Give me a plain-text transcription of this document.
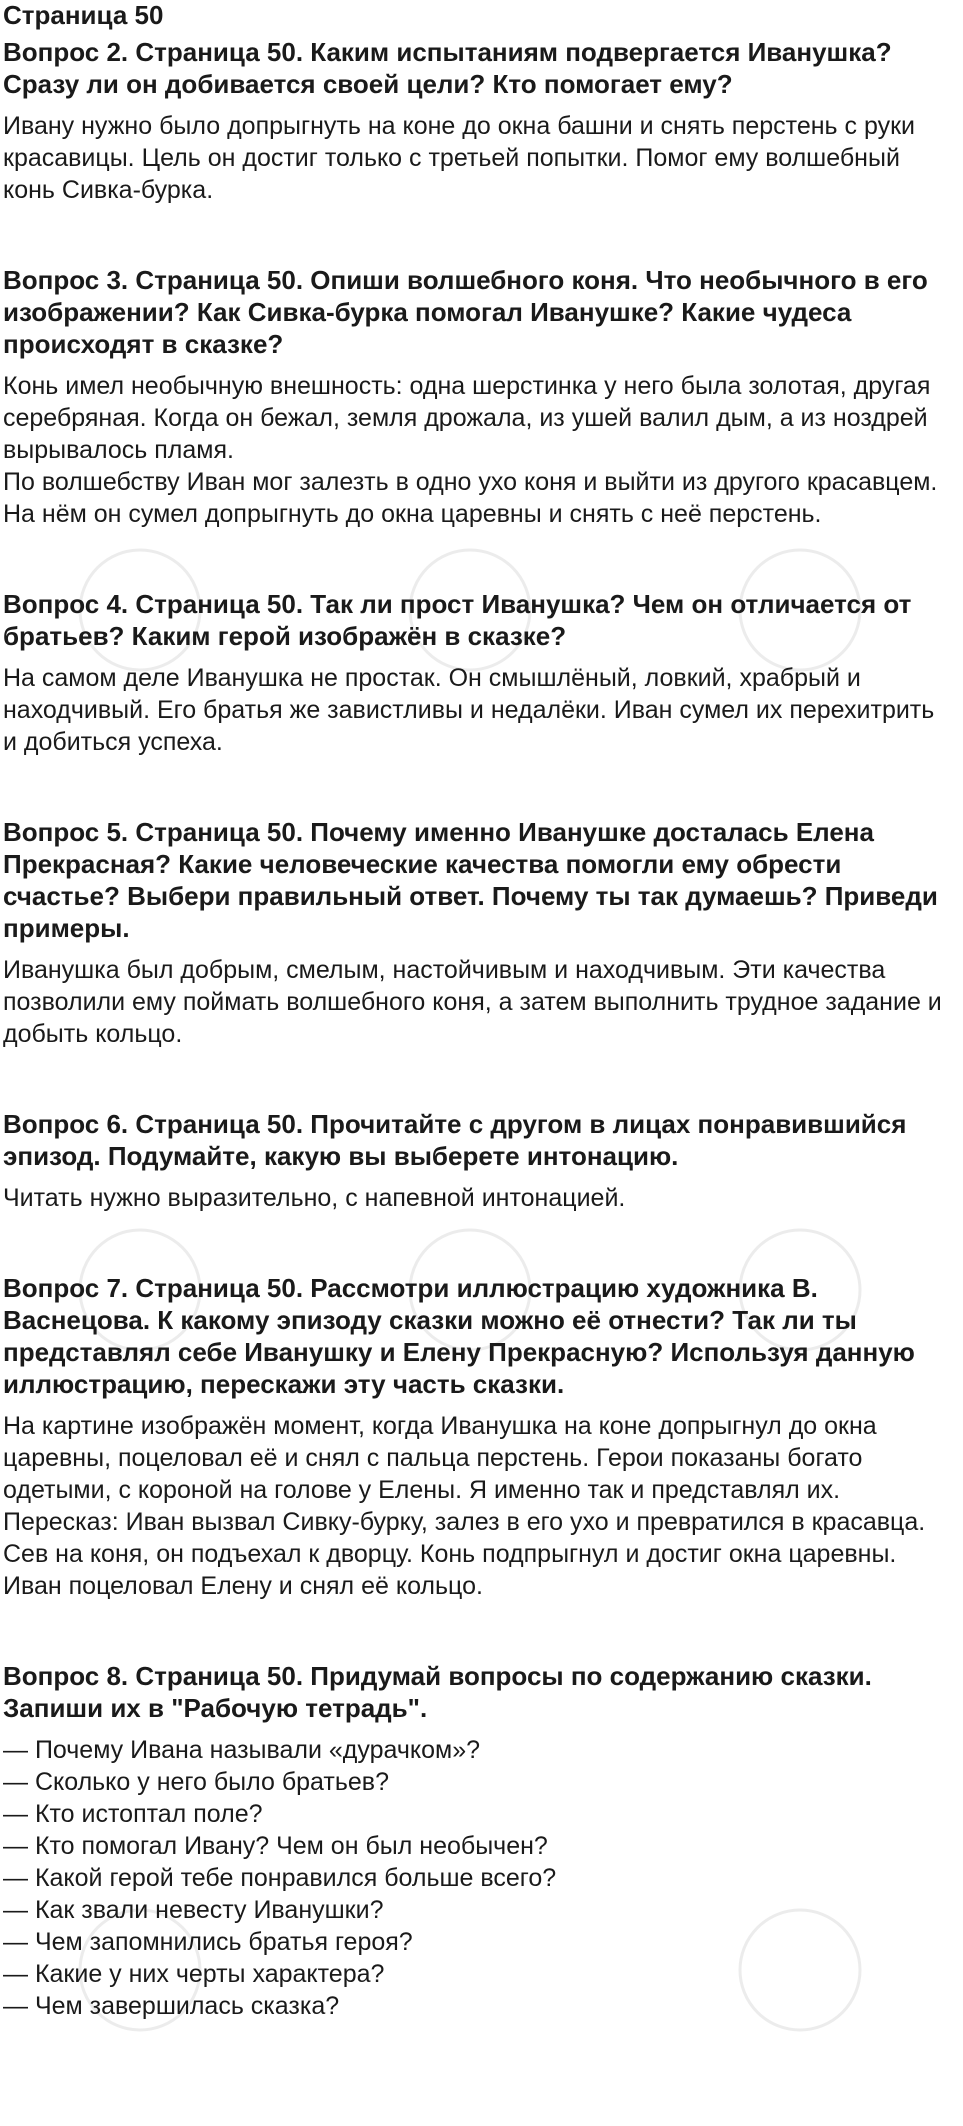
Страница 50
Вопрос 2. Страница 50. Каким испытаниям подвергается Иванушка? Сразу ли он добивается своей цели? Кто помогает ему?

Ивану нужно было допрыгнуть на коне до окна башни и снять перстень с руки красавицы. Цель он достиг только с третьей попытки. Помог ему волшебный конь Сивка-бурка.

Вопрос 3. Страница 50. Опиши волшебного коня. Что необычного в его изображении? Как Сивка-бурка помогал Иванушке? Какие чудеса происходят в сказке?

Конь имел необычную внешность: одна шерстинка у него была золотая, другая серебряная. Когда он бежал, земля дрожала, из ушей валил дым, а из ноздрей вырывалось пламя.

По волшебству Иван мог залезть в одно ухо коня и выйти из другого красавцем. На нём он сумел допрыгнуть до окна царевны и снять с неё перстень.

Вопрос 4. Страница 50. Так ли прост Иванушка? Чем он отличается от братьев? Каким герой изображён в сказке?

На самом деле Иванушка не простак. Он смышлёный, ловкий, храбрый и находчивый. Его братья же завистливы и недалёки. Иван сумел их перехитрить и добиться успеха.

Вопрос 5. Страница 50. Почему именно Иванушке досталась Елена Прекрасная? Какие человеческие качества помогли ему обрести счастье? Выбери правильный ответ. Почему ты так думаешь? Приведи примеры.

Иванушка был добрым, смелым, настойчивым и находчивым. Эти качества позволили ему поймать волшебного коня, а затем выполнить трудное задание и добыть кольцо.

Вопрос 6. Страница 50. Прочитайте с другом в лицах понравившийся эпизод. Подумайте, какую вы выберете интонацию.

Читать нужно выразительно, с напевной интонацией.

Вопрос 7. Страница 50. Рассмотри иллюстрацию художника В. Васнецова. К какому эпизоду сказки можно её отнести? Так ли ты представлял себе Иванушку и Елену Прекрасную? Используя данную иллюстрацию, перескажи эту часть сказки.

На картине изображён момент, когда Иванушка на коне допрыгнул до окна царевны, поцеловал её и снял с пальца перстень. Герои показаны богато одетыми, с короной на голове у Елены. Я именно так и представлял их.

Пересказ: Иван вызвал Сивку-бурку, залез в его ухо и превратился в красавца. Сев на коня, он подъехал к дворцу. Конь подпрыгнул и достиг окна царевны. Иван поцеловал Елену и снял её кольцо.

Вопрос 8. Страница 50. Придумай вопросы по содержанию сказки. Запиши их в "Рабочую тетрадь".
— Почему Ивана называли «дурачком»?
— Сколько у него было братьев?
— Кто истоптал поле?
— Кто помогал Ивану? Чем он был необычен?
— Какой герой тебе понравился больше всего?
— Как звали невесту Иванушки?
— Чем запомнились братья героя?
— Какие у них черты характера?
— Чем завершилась сказка?
